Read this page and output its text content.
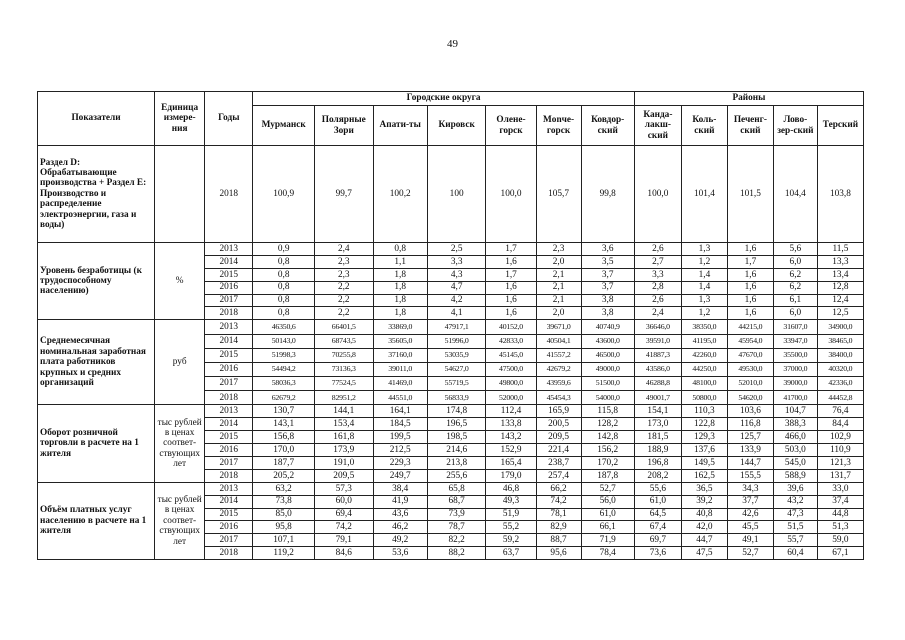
49
Показатели	Единица измере-ния	Годы	Городские округа							Районы				
			Мурманск	Полярные Зори	Апати-ты	Кировск	Олене-горск	Monче-горск	Ковдор-ский	Канда-лакш-ский	Коль-ский	Печенг-ский	Лово-зер-ский	Терский
Раздел D: Обрабатывающие производства + Раздел E: Производство и распределение электроэнергии, газа и воды)		2018	100,9	99,7	100,2	100	100,0	105,7	99,8	100,0	101,4	101,5	104,4	103,8
Уровень безработицы (к трудоспособному населению)	%	2013	0,9	2,4	0,8	2,5	1,7	2,3	3,6	2,6	1,3	1,6	5,6	11,5
		2014	0,8	2,3	1,1	3,3	1,6	2,0	3,5	2,7	1,2	1,7	6,0	13,3
		2015	0,8	2,3	1,8	4,3	1,7	2,1	3,7	3,3	1,4	1,6	6,2	13,4
		2016	0,8	2,2	1,8	4,7	1,6	2,1	3,7	2,8	1,4	1,6	6,2	12,8
		2017	0,8	2,2	1,8	4,2	1,6	2,1	3,8	2,6	1,3	1,6	6,1	12,4
		2018	0,8	2,2	1,8	4,1	1,6	2,0	3,8	2,4	1,2	1,6	6,0	12,5
Среднемесячная номинальная заработная плата работников крупных и средних организаций	руб	2013	46350,6	66401,5	33869,0	47917,1	40152,0	39671,0	40740,9	36646,0	38350,0	44215,0	31607,0	34900,0
		2014	50143,0	68743,5	35605,0	51996,0	42833,0	40504,1	43600,0	39591,0	41195,0	45954,0	33947,0	38465,0
		2015	51998,3	70255,8	37160,0	53035,9	45145,0	41557,2	46500,0	41887,3	42260,0	47670,0	35500,0	38400,0
		2016	54494,2	73136,3	39011,0	54627,0	47500,0	42679,2	49000,0	43586,0	44250,0	49530,0	37000,0	40320,0
		2017	58036,3	77524,5	41469,0	55719,5	49800,0	43959,6	51500,0	46288,8	48100,0	52010,0	39000,0	42336,0
		2018	62679,2	82951,2	44551,0	56833,9	52000,0	45454,3	54000,0	49001,7	50800,0	54620,0	41700,0	44452,8
Оборот розничной торговли в расчете на 1 жителя	тыс рублей в ценах соответ-ствующих лет	2013	130,7	144,1	164,1	174,8	112,4	165,9	115,8	154,1	110,3	103,6	104,7	76,4
		2014	143,1	153,4	184,5	196,5	133,8	200,5	128,2	173,0	122,8	116,8	388,3	84,4
		2015	156,8	161,8	199,5	198,5	143,2	209,5	142,8	181,5	129,3	125,7	466,0	102,9
		2016	170,0	173,9	212,5	214,6	152,9	221,4	156,2	188,9	137,6	133,9	503,0	110,9
		2017	187,7	191,0	229,3	213,8	165,4	238,7	170,2	196,8	149,5	144,7	545,0	121,3
		2018	205,2	209,5	249,7	255,6	179,0	257,4	187,8	208,2	162,5	155,5	588,9	131,7
Объём платных услуг населению в расчете на 1 жителя	тыс рублей в ценах соответ-ствующих лет	2013	63,2	57,3	38,4	65,8	46,8	66,2	52,7	55,6	36,5	34,3	39,6	33,0
		2014	73,8	60,0	41,9	68,7	49,3	74,2	56,0	61,0	39,2	37,7	43,2	37,4
		2015	85,0	69,4	43,6	73,9	51,9	78,1	61,0	64,5	40,8	42,6	47,3	44,8
		2016	95,8	74,2	46,2	78,7	55,2	82,9	66,1	67,4	42,0	45,5	51,5	51,3
		2017	107,1	79,1	49,2	82,2	59,2	88,7	71,9	69,7	44,7	49,1	55,7	59,0
		2018	119,2	84,6	53,6	88,2	63,7	95,6	78,4	73,6	47,5	52,7	60,4	67,1
